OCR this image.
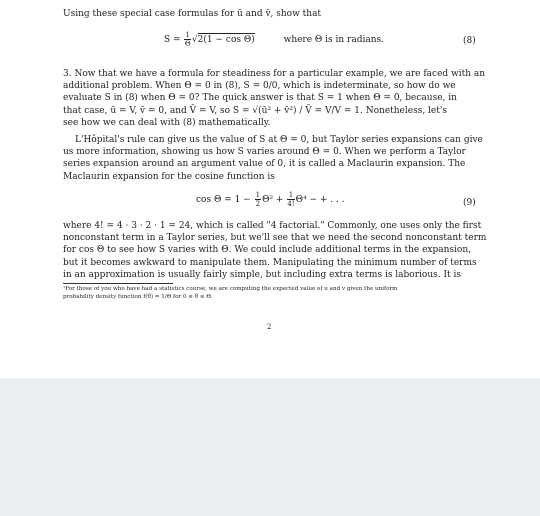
Using these special case formulas for ū and v̄, show that
$S = \frac{1}{\Theta} √2(1 - \cos \Theta)$	where Θ is in radians.	(8)
3. Now that we have a formula for steadiness for a particular example, we are faced with an
additional problem. When Θ = 0 in (8), S = 0/0, which is indeterminate, so how do we
evaluate S in (8) when Θ = 0? The quick answer is that S = 1 when Θ = 0, because, in
that case, ū = V, v̄ = 0, and V̄ = V, so S = √(ū² + v̄²) / V̄ = V/V = 1. Nonetheless, let's
see how we can deal with (8) mathematically.
L'Hôpital's rule can give us the value of S at Θ = 0, but Taylor series expansions can give
us more information, showing us how S varies around Θ = 0. When we perform a Taylor
series expansion around an argument value of 0, it is called a Maclaurin expansion. The
Maclaurin expansion for the cosine function is
$\cos \Theta = 1 - \frac{1}{2} \Theta^2 + \frac{1}{4!} \Theta^4$ − + . . .	(9)
where 4! = 4 · 3 · 2 · 1 = 24, which is called "4 factorial." Commonly, one uses only the first
nonconstant term in a Taylor series, but we'll see that we need the second nonconstant term
for cos Θ to see how S varies with Θ. We could include additional terms in the expansion,
but it becomes awkward to manipulate them. Manipulating the minimum number of terms
in an approximation is usually fairly simple, but including extra terms is laborious. It is
¹For those of you who have had a statistics course, we are computing the expected value of u and v given the uniform
probability density function f(θ) = 1/Θ for 0 ≤ θ ≤ Θ.
2
